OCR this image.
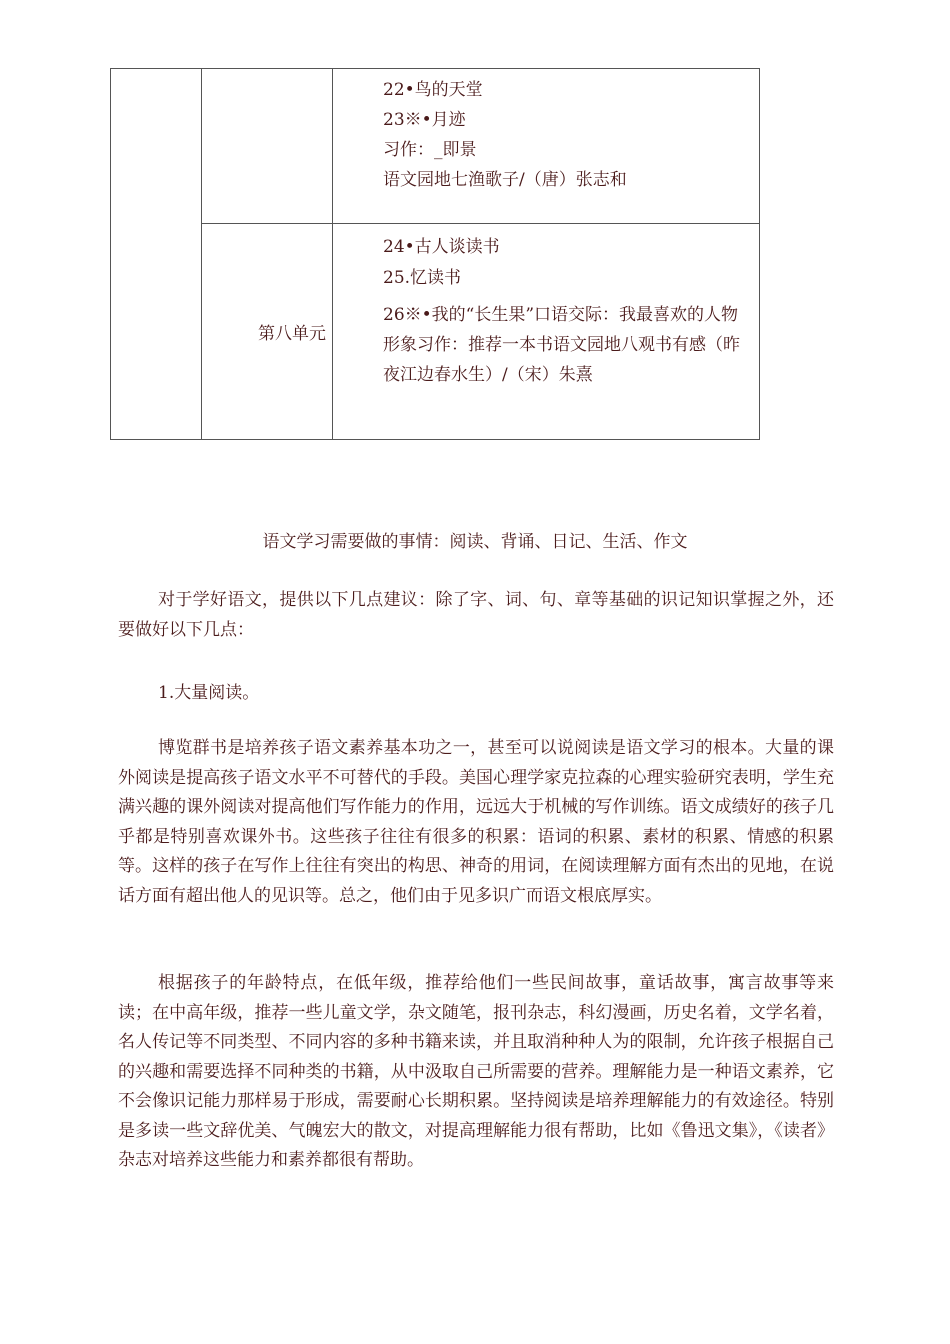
		22•鸟的天堂
23※•月迹
习作：_即景
语文园地七渔歌子/（唐）张志和

	第八单元	24•古人谈读书
25.忆读书
26※•我的“长生果”口语交际：我最喜欢的人物形象习作：推荐一本书语文园地八观书有感（昨夜江边春水生）/（宋）朱熹
语文学习需要做的事情：阅读、背诵、日记、生活、作文
对于学好语文，提供以下几点建议：除了字、词、句、章等基础的识记知识掌握之外，还要做好以下几点：
1.大量阅读。
博览群书是培养孩子语文素养基本功之一，甚至可以说阅读是语文学习的根本。大量的课外阅读是提高孩子语文水平不可替代的手段。美国心理学家克拉森的心理实验研究表明，学生充满兴趣的课外阅读对提高他们写作能力的作用，远远大于机械的写作训练。语文成绩好的孩子几乎都是特别喜欢课外书。这些孩子往往有很多的积累：语词的积累、素材的积累、情感的积累等。这样的孩子在写作上往往有突出的构思、神奇的用词，在阅读理解方面有杰出的见地，在说话方面有超出他人的见识等。总之，他们由于见多识广而语文根底厚实。
根据孩子的年龄特点，在低年级，推荐给他们一些民间故事，童话故事，寓言故事等来读；在中高年级，推荐一些儿童文学，杂文随笔，报刊杂志，科幻漫画，历史名着，文学名着，名人传记等不同类型、不同内容的多种书籍来读，并且取消种种人为的限制，允许孩子根据自己的兴趣和需要选择不同种类的书籍，从中汲取自己所需要的营养。理解能力是一种语文素养，它不会像识记能力那样易于形成，需要耐心长期积累。坚持阅读是培养理解能力的有效途径。特别是多读一些文辞优美、气魄宏大的散文，对提高理解能力很有帮助，比如《鲁迅文集》，《读者》杂志对培养这些能力和素养都很有帮助。
